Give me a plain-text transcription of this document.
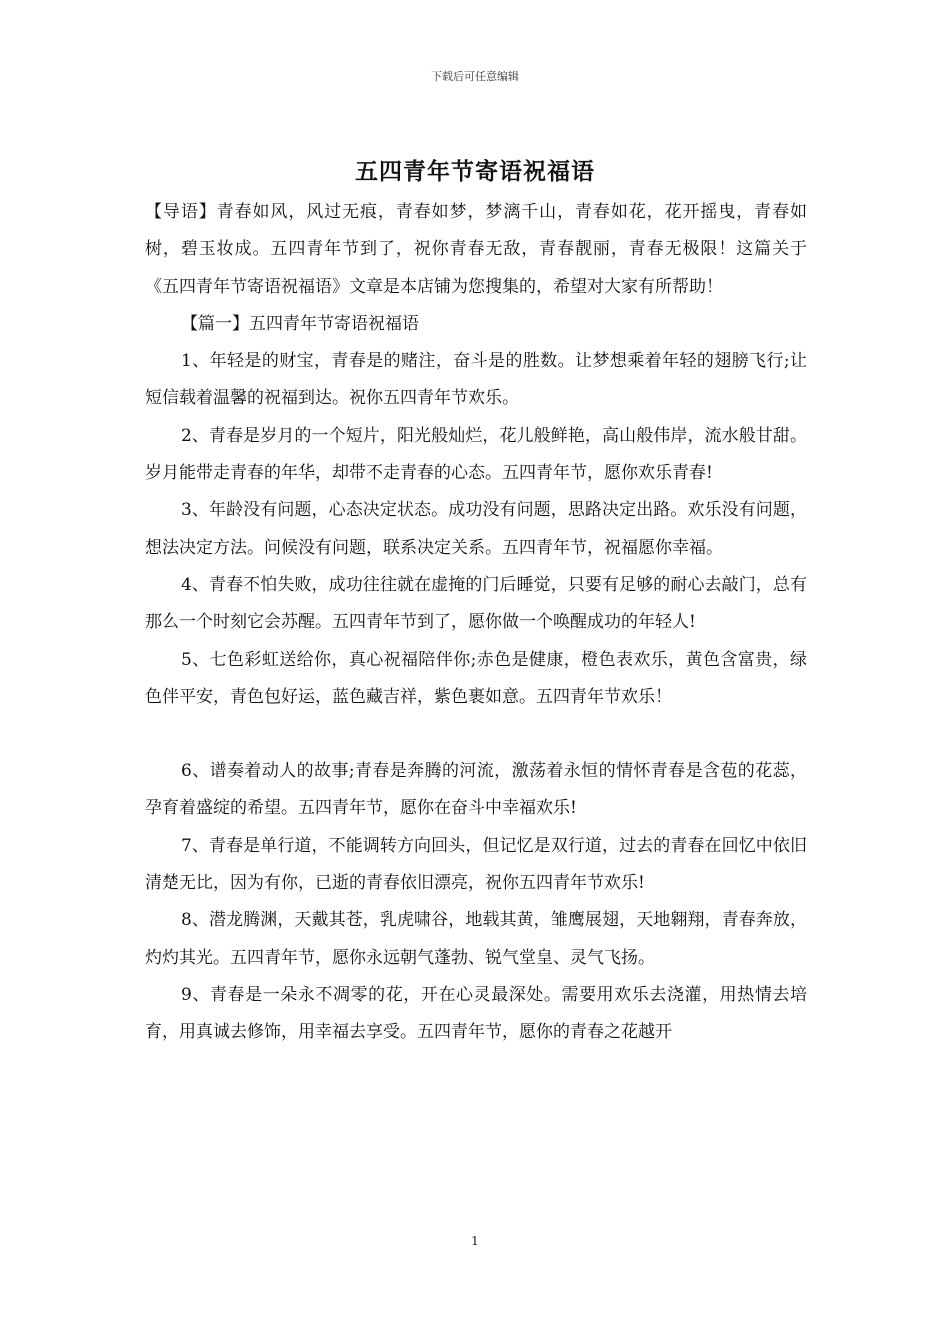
下载后可任意编辑
五四青年节寄语祝福语

【导语】青春如风，风过无痕，青春如梦，梦漓千山，青春如花，花开摇曳，青春如树，碧玉妆成。五四青年节到了，祝你青春无敌，青春靓丽，青春无极限！这篇关于《五四青年节寄语祝福语》文章是本店铺为您搜集的，希望对大家有所帮助！

【篇一】五四青年节寄语祝福语

1、年轻是的财宝，青春是的赌注，奋斗是的胜数。让梦想乘着年轻的翅膀飞行;让短信载着温馨的祝福到达。祝你五四青年节欢乐。

2、青春是岁月的一个短片，阳光般灿烂，花儿般鲜艳，高山般伟岸，流水般甘甜。岁月能带走青春的年华，却带不走青春的心态。五四青年节，愿你欢乐青春!

3、年龄没有问题，心态决定状态。成功没有问题，思路决定出路。欢乐没有问题，想法决定方法。问候没有问题，联系决定关系。五四青年节，祝福愿你幸福。

4、青春不怕失败，成功往往就在虚掩的门后睡觉，只要有足够的耐心去敲门，总有那么一个时刻它会苏醒。五四青年节到了，愿你做一个唤醒成功的年轻人!

5、七色彩虹送给你，真心祝福陪伴你;赤色是健康，橙色表欢乐，黄色含富贵，绿色伴平安，青色包好运，蓝色藏吉祥，紫色裹如意。五四青年节欢乐！

6、谱奏着动人的故事;青春是奔腾的河流，激荡着永恒的情怀青春是含苞的花蕊，孕育着盛绽的希望。五四青年节，愿你在奋斗中幸福欢乐!

7、青春是单行道，不能调转方向回头，但记忆是双行道，过去的青春在回忆中依旧清楚无比，因为有你，已逝的青春依旧漂亮，祝你五四青年节欢乐!

8、潜龙腾渊，天戴其苍，乳虎啸谷，地载其黄，雏鹰展翅，天地翱翔，青春奔放，灼灼其光。五四青年节，愿你永远朝气蓬勃、锐气堂皇、灵气飞扬。

9、青春是一朵永不凋零的花，开在心灵最深处。需要用欢乐去浇灌，用热情去培育，用真诚去修饰，用幸福去享受。五四青年节，愿你的青春之花越开

1
